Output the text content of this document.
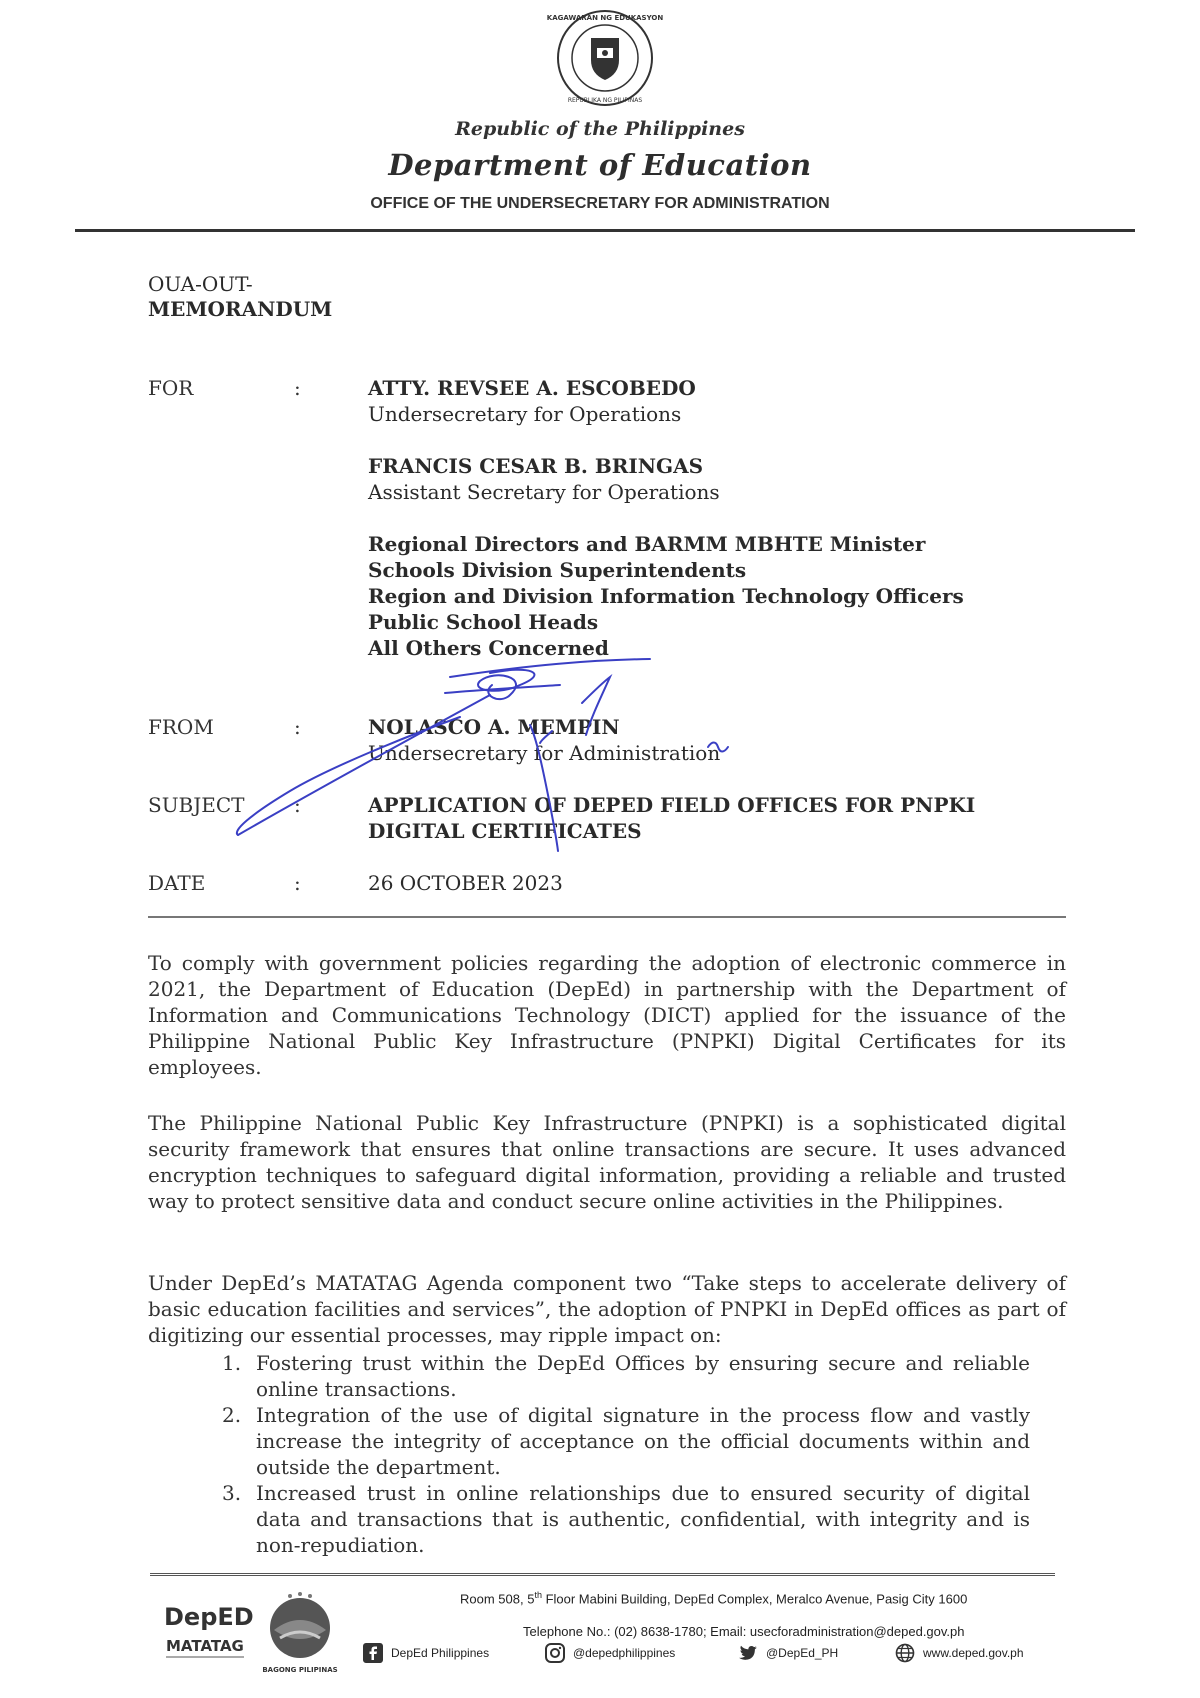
KAGAWARAN NG EDUKASYON
REPUBLIKA NG PILIPINAS
Republic of the Philippines
Department of Education
OFFICE OF THE UNDERSECRETARY FOR ADMINISTRATION
OUA-OUT-
MEMORANDUM
FOR	:	ATTY. REVSEE A. ESCOBEDO
Undersecretary for Operations
FRANCIS CESAR B. BRINGAS
Assistant Secretary for Operations
Regional Directors and BARMM MBHTE Minister
Schools Division Superintendents
Region and Division Information Technology Officers
Public School Heads
All Others Concerned
FROM	:	NOLASCO A. MEMPIN
Undersecretary for Administration
SUBJECT :	APPLICATION OF DEPED FIELD OFFICES FOR PNPKI
DIGITAL CERTIFICATES
DATE	:	26 OCTOBER 2023

To comply with government policies regarding the adoption of electronic commerce in 2021, the Department of Education (DepEd) in partnership with the Department of Information and Communications Technology (DICT) applied for the issuance of the Philippine National Public Key Infrastructure (PNPKI) Digital Certificates for its employees.

The Philippine National Public Key Infrastructure (PNPKI) is a sophisticated digital security framework that ensures that online transactions are secure. It uses advanced encryption techniques to safeguard digital information, providing a reliable and trusted way to protect sensitive data and conduct secure online activities in the Philippines.

Under DepEd’s MATATAG Agenda component two “Take steps to accelerate delivery of basic education facilities and services”, the adoption of PNPKI in DepEd offices as part of digitizing our essential processes, may ripple impact on:

1. Fostering trust within the DepEd Offices by ensuring secure and reliable online transactions.
2. Integration of the use of digital signature in the process flow and vastly increase the integrity of acceptance on the official documents within and outside the department.
3. Increased trust in online relationships due to ensured security of digital data and transactions that is authentic, confidential, with integrity and is non-repudiation.
DepED
MATATAG
BAGONG PILIPINAS
Room 508, 5th Floor Mabini Building, DepEd Complex, Meralco Avenue, Pasig City 1600
Telephone No.: (02) 8638-1780; Email: usecforadministration@deped.gov.ph
DepEd Philippines	@depedphilippines	@DepEd_PH	www.deped.gov.ph
